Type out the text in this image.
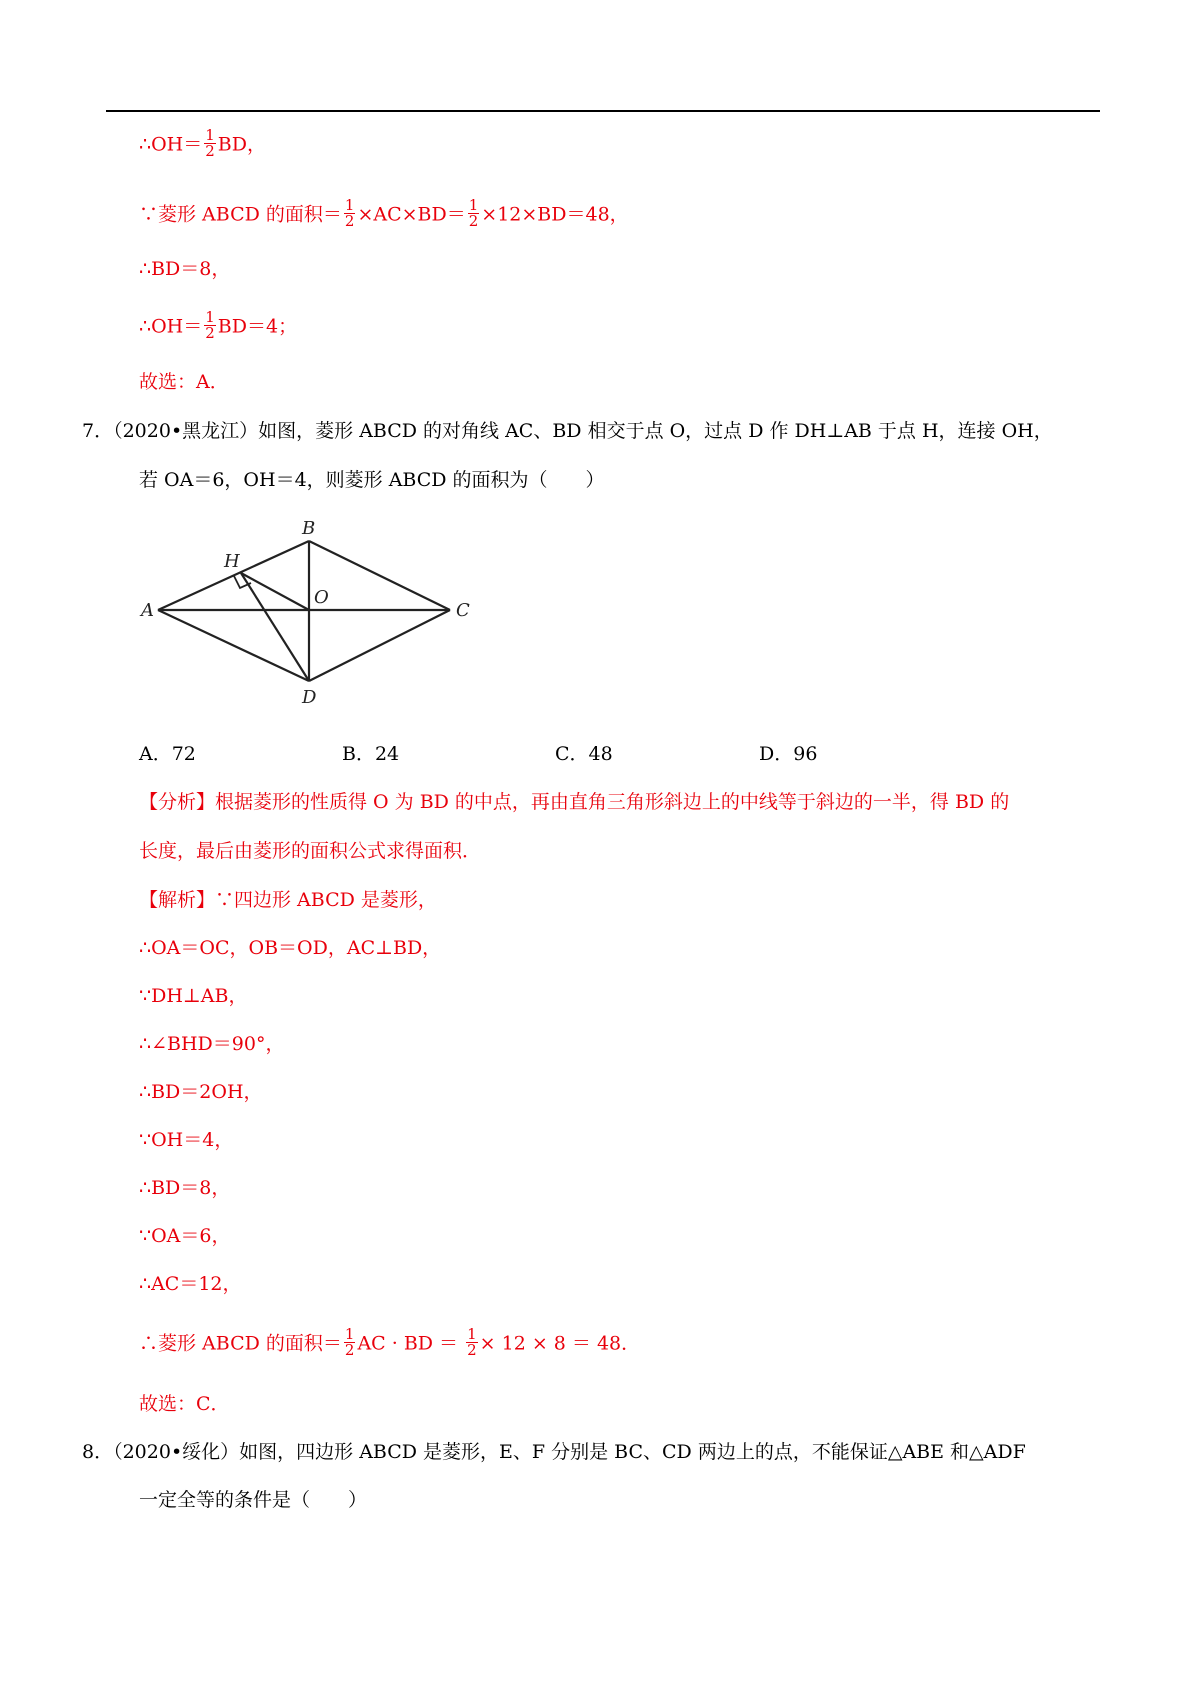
∴OH＝ $\frac{1}{2}$ BD，
∵菱形 ABCD 的面积＝ $\frac{1}{2} \times AC\times BD= \frac{1}{2} \times 12\times BD=48$，
∴BD＝8，
∴OH＝ $\frac{1}{2} BD=4$；
故选：A．
7．（2020•黑龙江）如图，菱形 ABCD 的对角线 AC、BD 相交于点 O，过点 D 作 DH⊥AB 于点 H，连接 OH，
若 OA＝6，OH＝4，则菱形 ABCD 的面积为（　　）
A
B
C
D
H
O
A．72	B．24	C．48	D．96
【分析】根据菱形的性质得 O 为 BD 的中点，再由直角三角形斜边上的中线等于斜边的一半，得 BD 的
长度，最后由菱形的面积公式求得面积．
【解析】∵四边形 ABCD 是菱形，
∴OA＝OC，OB＝OD，AC⊥BD，
∵DH⊥AB，
∴∠BHD＝90°，
∴BD＝2OH，
∵OH＝4，
∴BD＝8，
∵OA＝6，
∴AC＝12，
∴菱形 ABCD 的面积＝ $\frac{1}{2}$ AC · BD ＝ $\frac{1}{2} \times 12 \times 8 = 48$．
故选：C．
8．（2020•绥化）如图，四边形 ABCD 是菱形，E、F 分别是 BC、CD 两边上的点，不能保证△ABE 和△ADF
一定全等的条件是（　　）
